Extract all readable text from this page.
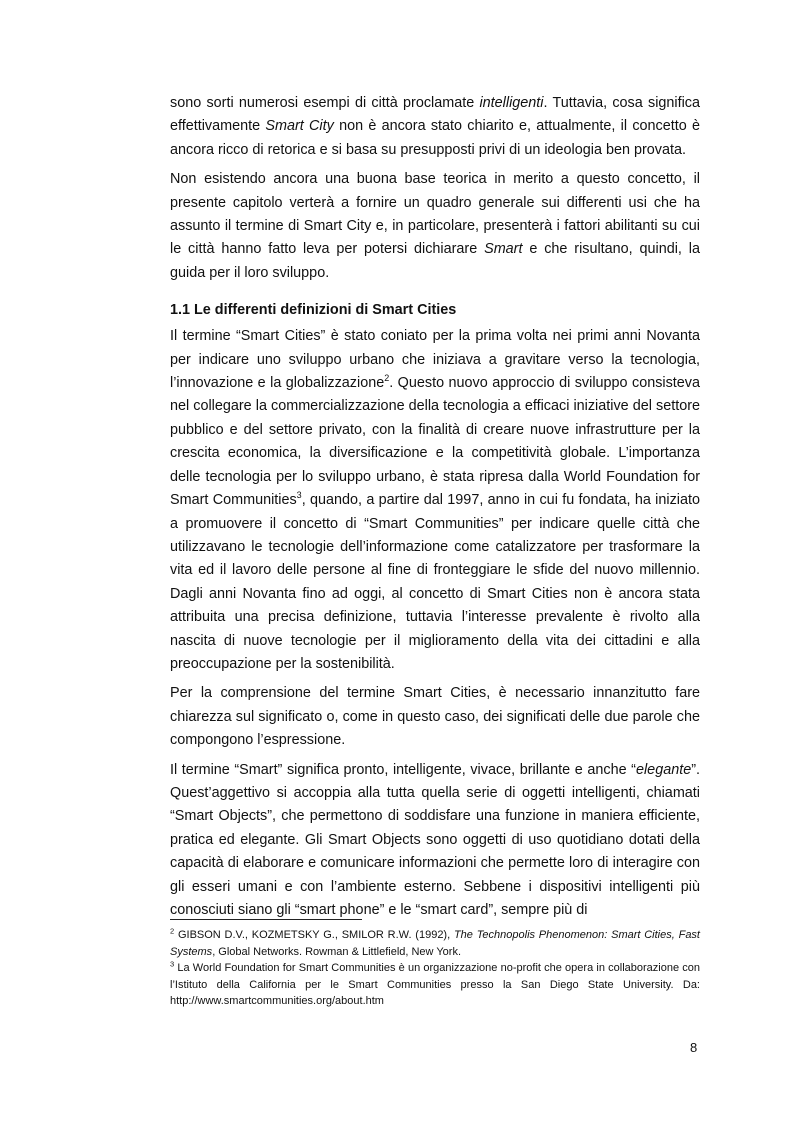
sono sorti numerosi esempi di città proclamate intelligenti. Tuttavia, cosa significa effettivamente Smart City non è ancora stato chiarito e, attualmente, il concetto è ancora ricco di retorica e si basa su presupposti privi di un ideologia ben provata.

Non esistendo ancora una buona base teorica in merito a questo concetto, il presente capitolo verterà a fornire un quadro generale sui differenti usi che ha assunto il termine di Smart City e, in particolare, presenterà i fattori abilitanti su cui le città hanno fatto leva per potersi dichiarare Smart e che risultano, quindi, la guida per il loro sviluppo.

1.1 Le differenti definizioni di Smart Cities

Il termine “Smart Cities” è stato coniato per la prima volta nei primi anni Novanta per indicare uno sviluppo urbano che iniziava a gravitare verso la tecnologia, l’innovazione e la globalizzazione$^2$. Questo nuovo approccio di sviluppo consisteva nel collegare la commercializzazione della tecnologia a efficaci iniziative del settore pubblico e del settore privato, con la finalità di creare nuove infrastrutture per la crescita economica, la diversificazione e la competitività globale. L’importanza delle tecnologia per lo sviluppo urbano, è stata ripresa dalla World Foundation for Smart Communities$^3$, quando, a partire dal 1997, anno in cui fu fondata, ha iniziato a promuovere il concetto di “Smart Communities” per indicare quelle città che utilizzavano le tecnologie dell’informazione come catalizzatore per trasformare la vita ed il lavoro delle persone al fine di fronteggiare le sfide del nuovo millennio. Dagli anni Novanta fino ad oggi, al concetto di Smart Cities non è ancora stata attribuita una precisa definizione, tuttavia l’interesse prevalente è rivolto alla nascita di nuove tecnologie per il miglioramento della vita dei cittadini e alla preoccupazione per la sostenibilità.

Per la comprensione del termine Smart Cities, è necessario innanzitutto fare chiarezza sul significato o, come in questo caso, dei significati delle due parole che compongono l’espressione.

Il termine “Smart” significa pronto, intelligente, vivace, brillante e anche “elegante”. Quest’aggettivo si accoppia alla tutta quella serie di oggetti intelligenti, chiamati “Smart Objects”, che permettono di soddisfare una funzione in maniera efficiente, pratica ed elegante. Gli Smart Objects sono oggetti di uso quotidiano dotati della capacità di elaborare e comunicare informazioni che permette loro di interagire con gli esseri umani e con l’ambiente esterno. Sebbene i dispositivi intelligenti più conosciuti siano gli “smart phone” e le “smart card”, sempre più di

$^2$ GIBSON D.V., KOZMETSKY G., SMILOR R.W. (1992), The Technopolis Phenomenon: Smart Cities, Fast Systems, Global Networks. Rowman & Littlefield, New York.

$^3$ La World Foundation for Smart Communities è un organizzazione no-profit che opera in collaborazione con l’Istituto della California per le Smart Communities presso la San Diego State University. Da: http://www.smartcommunities.org/about.htm

8
